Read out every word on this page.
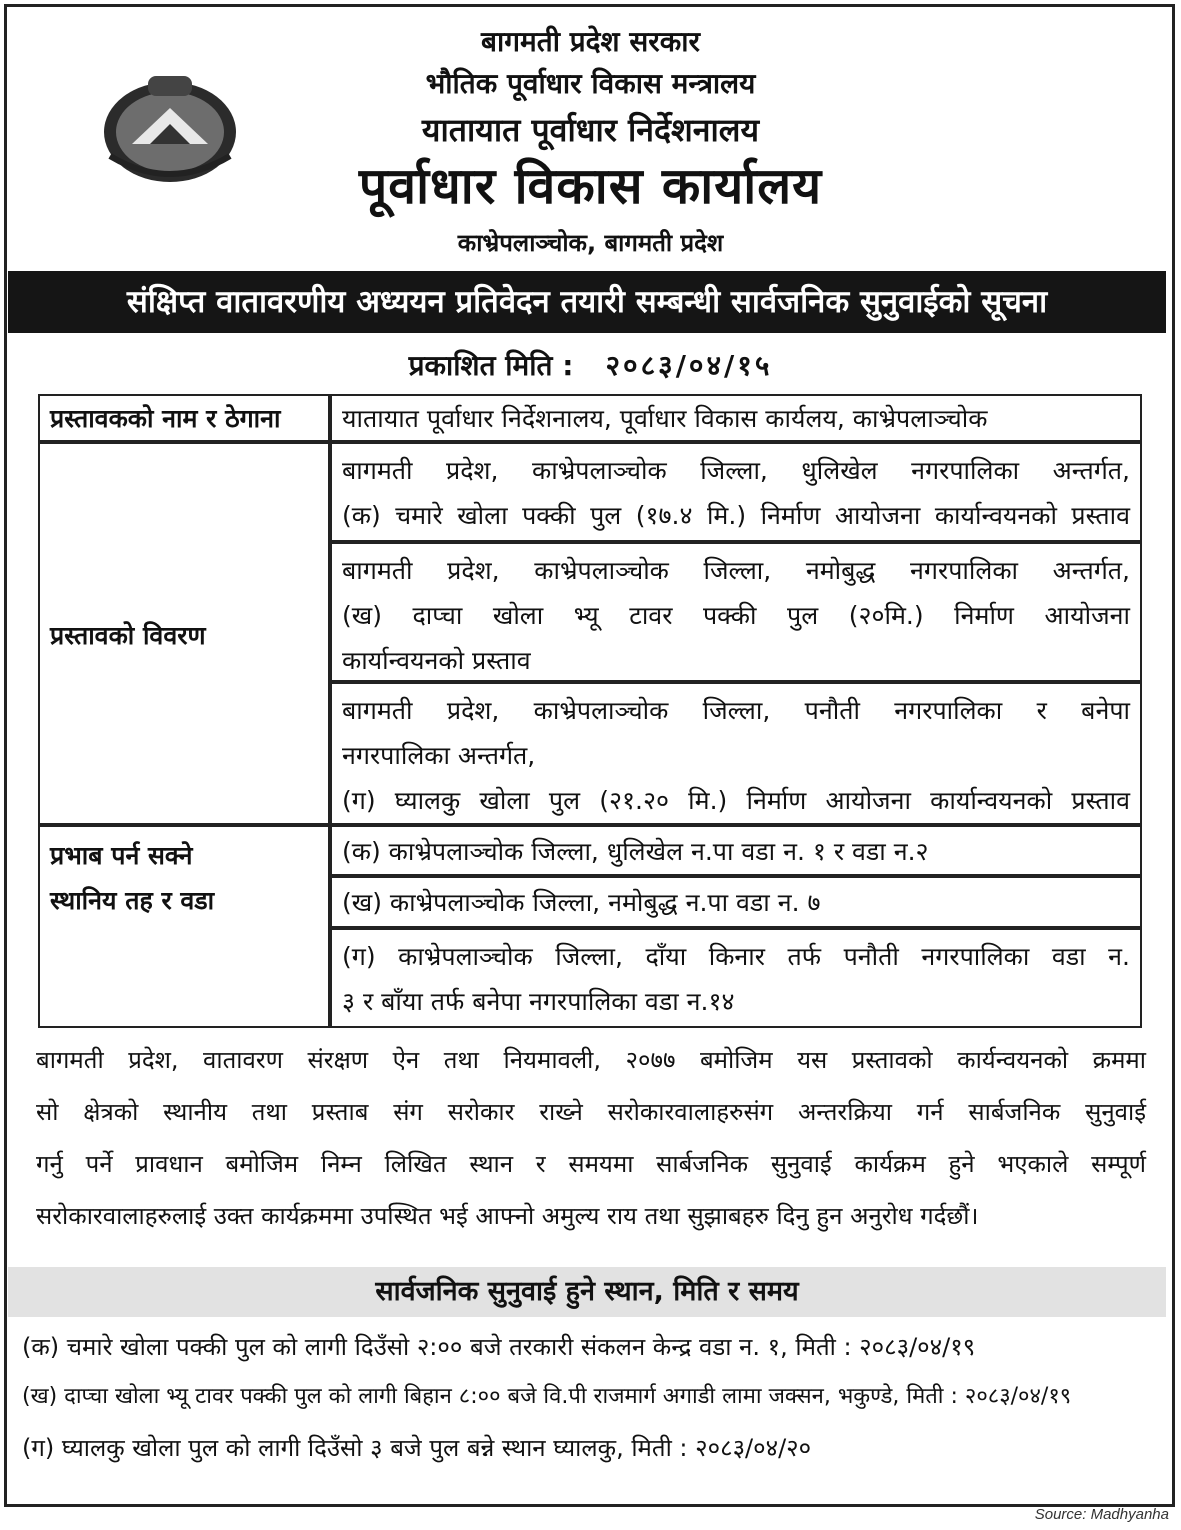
बागमती प्रदेश सरकार
भौतिक पूर्वाधार विकास मन्त्रालय
यातायात पूर्वाधार निर्देशनालय
पूर्वाधार विकास कार्यालय
काभ्रेपलाञ्चोक, बागमती प्रदेश
संक्षिप्त वातावरणीय अध्ययन प्रतिवेदन तयारी सम्बन्धी सार्वजनिक सुनुवाईको सूचना
प्रकाशित मिति : २०८३/०४/१५
प्रस्तावकको नाम र ठेगाना	यातायात पूर्वाधार निर्देशनालय, पूर्वाधार विकास कार्यलय, काभ्रेपलाञ्चोक
प्रस्तावको विवरण
बागमती प्रदेश, काभ्रेपलाञ्चोक जिल्ला, धुलिखेल नगरपालिका अन्तर्गत,
(क) चमारे खोला पक्की पुल (१७.४ मि.) निर्माण आयोजना कार्यान्वयनको प्रस्ताव
बागमती प्रदेश, काभ्रेपलाञ्चोक जिल्ला, नमोबुद्ध नगरपालिका अन्तर्गत,
(ख) दाप्चा खोला भ्यू टावर पक्की पुल (२०मि.) निर्माण आयोजना
कार्यान्वयनको प्रस्ताव
बागमती प्रदेश, काभ्रेपलाञ्चोक जिल्ला, पनौती नगरपालिका र बनेपा
नगरपालिका अन्तर्गत,
(ग) घ्यालकु खोला पुल (२१.२० मि.) निर्माण आयोजना कार्यान्वयनको प्रस्ताव
प्रभाब पर्न सक्ने
स्थानिय तह र वडा
(क) काभ्रेपलाञ्चोक जिल्ला, धुलिखेल न.पा वडा न. १ र वडा न.२
(ख) काभ्रेपलाञ्चोक जिल्ला, नमोबुद्ध न.पा वडा न. ७
(ग) काभ्रेपलाञ्चोक जिल्ला, दाँया किनार तर्फ पनौती नगरपालिका वडा न.
३ र बाँया तर्फ बनेपा नगरपालिका वडा न.१४
बागमती प्रदेश, वातावरण संरक्षण ऐन तथा नियमावली, २०७७ बमोजिम यस प्रस्तावको कार्यन्वयनको क्रममा
सो क्षेत्रको स्थानीय तथा प्रस्ताब संग सरोकार राख्ने सरोकारवालाहरुसंग अन्तरक्रिया गर्न सार्बजनिक सुनुवाई
गर्नु पर्ने प्रावधान बमोजिम निम्न लिखित स्थान र समयमा सार्बजनिक सुनुवाई कार्यक्रम हुने भएकाले सम्पूर्ण
सरोकारवालाहरुलाई उक्त कार्यक्रममा उपस्थित भई आफ्नो अमुल्य राय तथा सुझाबहरु दिनु हुन अनुरोध गर्दछौं।
सार्वजनिक सुनुवाई हुने स्थान, मिति र समय
(क) चमारे खोला पक्की पुल को लागी दिउँसो २:०० बजे तरकारी संकलन केन्द्र वडा न. १, मिती : २०८३/०४/१९
(ख) दाप्चा खोला भ्यू टावर पक्की पुल को लागी बिहान ८:०० बजे वि.पी राजमार्ग अगाडी लामा जक्सन, भकुण्डे, मिती : २०८३/०४/१९
(ग) घ्यालकु खोला पुल को लागी दिउँसो ३ बजे पुल बन्ने स्थान घ्यालकु, मिती : २०८३/०४/२०
Source: Madhyanha
